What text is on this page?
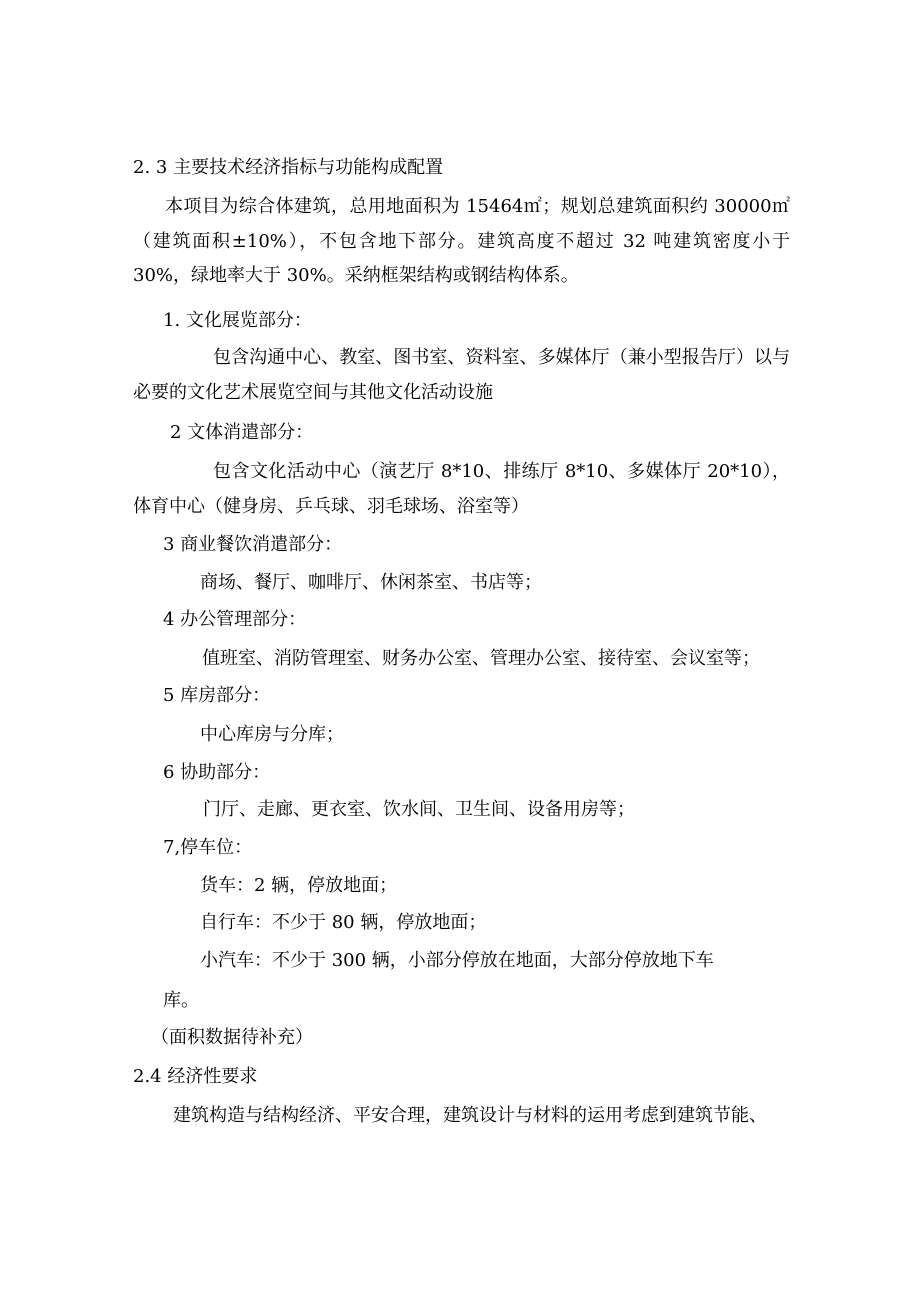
2. 3 主要技术经济指标与功能构成配置

本项目为综合体建筑，总用地面积为 15464㎡；规划总建筑面积约 30000㎡（建筑面积±10%），不包含地下部分。建筑高度不超过 32 吨建筑密度小于 30%，绿地率大于 30%。采纳框架结构或钢结构体系。

1. 文化展览部分：

包含沟通中心、教室、图书室、资料室、多媒体厅（兼小型报告厅）以与必要的文化艺术展览空间与其他文化活动设施

2 文体消遣部分：

包含文化活动中心（演艺厅 8*10、排练厅 8*10、多媒体厅 20*10），体育中心（健身房、乒乓球、羽毛球场、浴室等）

3 商业餐饮消遣部分：

商场、餐厅、咖啡厅、休闲茶室、书店等；

4 办公管理部分：

值班室、消防管理室、财务办公室、管理办公室、接待室、会议室等；

5 库房部分：

中心库房与分库；

6 协助部分：

门厅、走廊、更衣室、饮水间、卫生间、设备用房等；

7,停车位：

货车：2 辆，停放地面；

自行车：不少于 80 辆，停放地面；

小汽车：不少于 300 辆，小部分停放在地面，大部分停放地下车

库。

（面积数据待补充）

2.4 经济性要求

建筑构造与结构经济、平安合理，建筑设计与材料的运用考虑到建筑节能、
